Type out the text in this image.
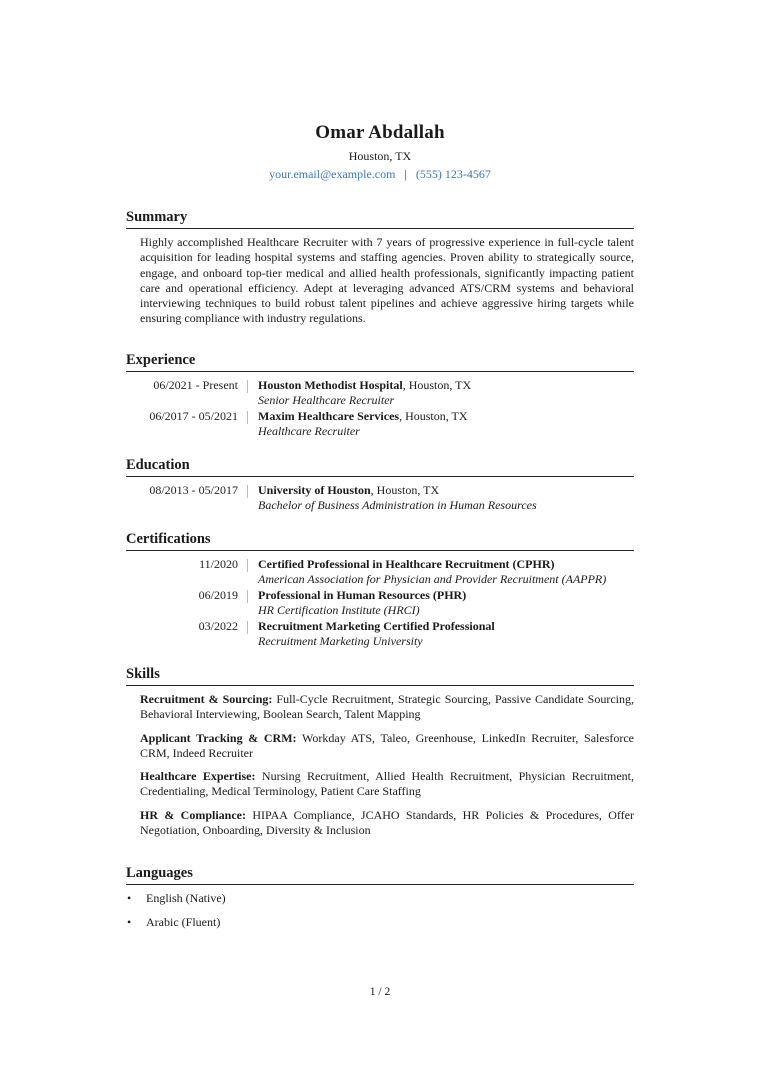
Omar Abdallah
Houston, TX
your.email@example.com | (555) 123-4567
Summary
Highly accomplished Healthcare Recruiter with 7 years of progressive experience in full-cycle talent acquisition for leading hospital systems and staffing agencies. Proven ability to strategically source, engage, and onboard top-tier medical and allied health professionals, significantly impacting patient care and operational efficiency. Adept at leveraging advanced ATS/CRM systems and behavioral interviewing techniques to build robust talent pipelines and achieve aggressive hiring targets while ensuring compliance with industry regulations.
Experience
06/2021 - Present	Houston Methodist Hospital, Houston, TX
Senior Healthcare Recruiter
06/2017 - 05/2021	Maxim Healthcare Services, Houston, TX
Healthcare Recruiter
Education
08/2013 - 05/2017	University of Houston, Houston, TX
Bachelor of Business Administration in Human Resources
Certifications
11/2020	Certified Professional in Healthcare Recruitment (CPHR)
American Association for Physician and Provider Recruitment (AAPPR)
06/2019	Professional in Human Resources (PHR)
HR Certification Institute (HRCI)
03/2022	Recruitment Marketing Certified Professional
Recruitment Marketing University
Skills
Recruitment & Sourcing: Full-Cycle Recruitment, Strategic Sourcing, Passive Candidate Sourcing, Behavioral Interviewing, Boolean Search, Talent Mapping
Applicant Tracking & CRM: Workday ATS, Taleo, Greenhouse, LinkedIn Recruiter, Salesforce CRM, Indeed Recruiter
Healthcare Expertise: Nursing Recruitment, Allied Health Recruitment, Physician Recruitment, Credentialing, Medical Terminology, Patient Care Staffing
HR & Compliance: HIPAA Compliance, JCAHO Standards, HR Policies & Procedures, Offer Negotiation, Onboarding, Diversity & Inclusion
Languages
•	English (Native)
•	Arabic (Fluent)
1 / 2
